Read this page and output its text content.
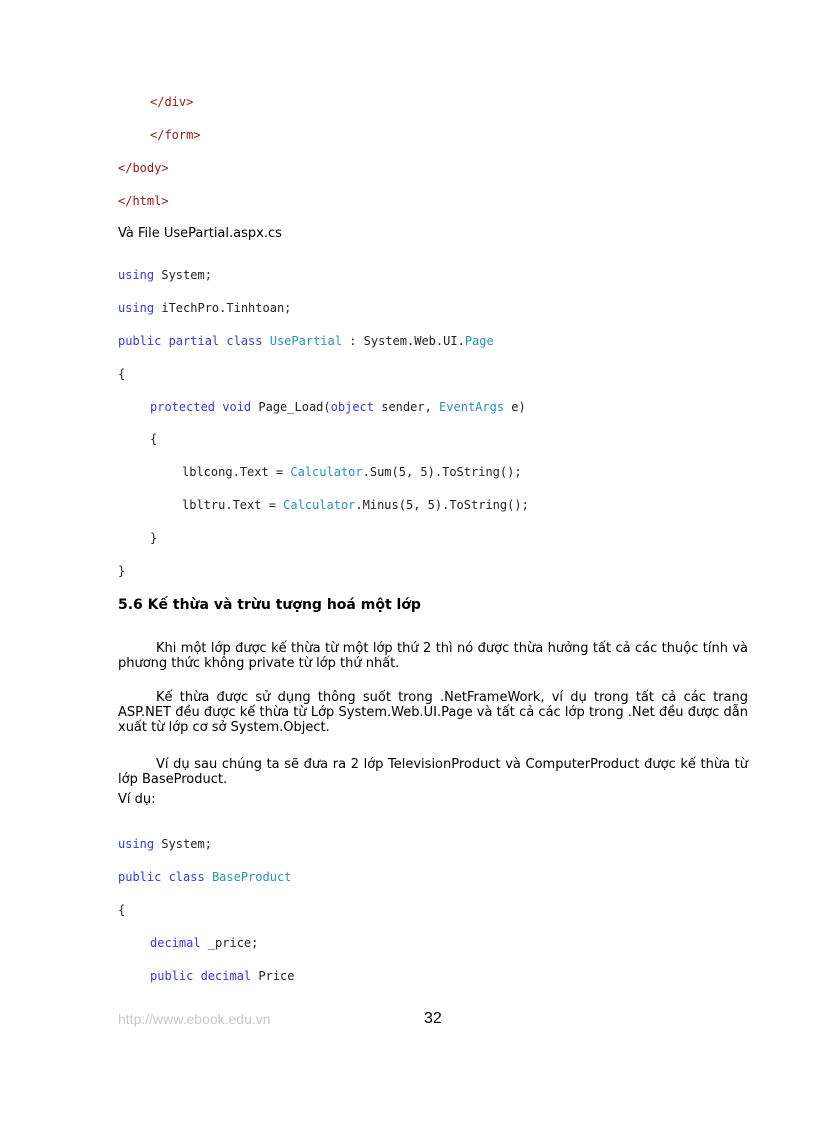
</div>
</form>
</body>
</html>

Và File UsePartial.aspx.cs

using System;
using iTechPro.Tinhtoan;
public partial class UsePartial : System.Web.UI.Page
{
protected void Page_Load(object sender, EventArgs e)
{
lblcong.Text = Calculator.Sum(5, 5).ToString();
lbltru.Text = Calculator.Minus(5, 5).ToString();
}
}
5.6 Kế thừa và trừu tượng hoá một lớp

Khi một lớp được kế thừa từ một lớp thứ 2 thì nó được thừa hưởng tất cả các thuộc tính và phương thức không private từ lớp thứ nhất.

Kế thừa được sử dụng thông suốt trong .NetFrameWork, ví dụ trong tất cả các trang ASP.NET đều được kế thừa từ Lớp System.Web.UI.Page và tất cả các lớp trong .Net đều được dẫn xuất từ lớp cơ sở System.Object.

Ví dụ sau chúng ta sẽ đưa ra 2 lớp TelevisionProduct và ComputerProduct được kế thừa từ lớp BaseProduct.

Ví dụ:

using System;
public class BaseProduct
{
decimal _price;
public decimal Price
http://www.ebook.edu.vn	32
